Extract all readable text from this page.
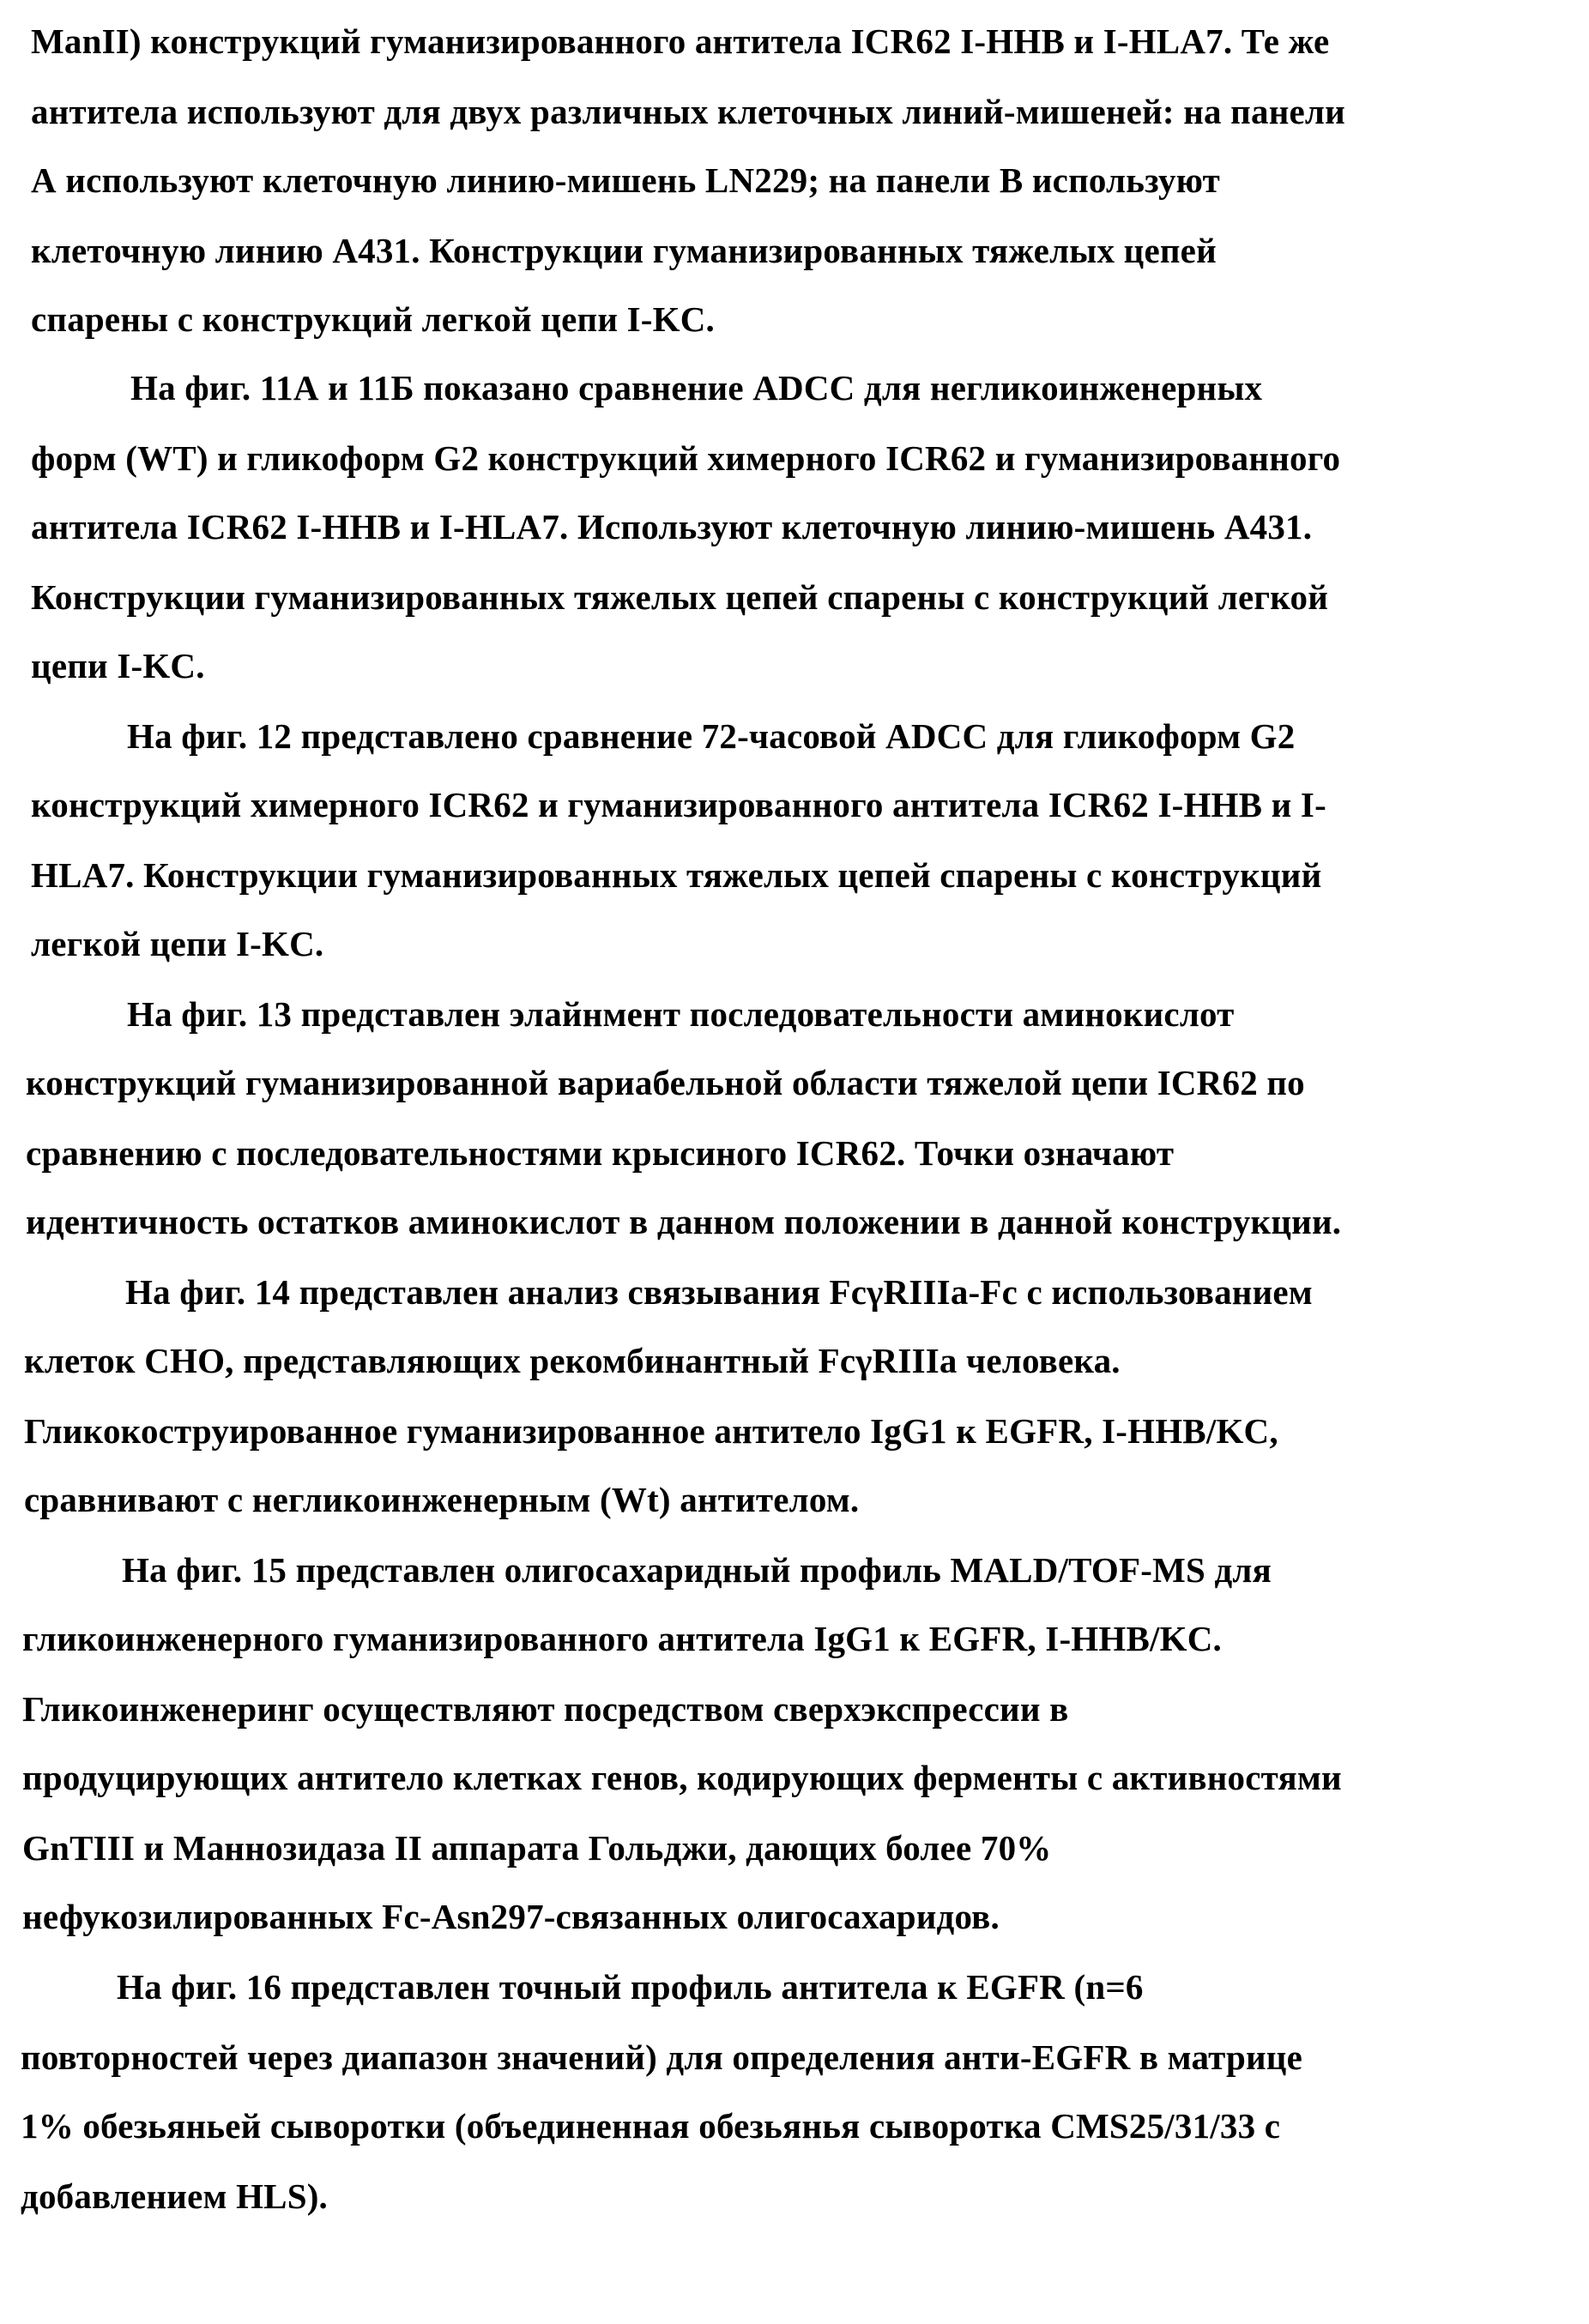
ManII) конструкций гуманизированного антитела ICR62 I-HHB и I-HLA7. Те же
антитела используют для двух различных клеточных линий-мишеней: на панели
А используют клеточную линию-мишень LN229; на панели В используют
клеточную линию А431. Конструкции гуманизированных тяжелых цепей
спарены с конструкций легкой цепи I-KC.
На фиг. 11А и 11Б показано сравнение ADCC для негликоинженерных
форм (WT) и гликоформ G2 конструкций химерного ICR62 и гуманизированного
антитела ICR62 I-HHB и I-HLA7. Используют клеточную линию-мишень А431.
Конструкции гуманизированных тяжелых цепей спарены с конструкций легкой
цепи I-KC.
На фиг. 12 представлено сравнение 72-часовой ADCC для гликоформ G2
конструкций химерного ICR62 и гуманизированного антитела ICR62 I-HHB и I-
HLA7. Конструкции гуманизированных тяжелых цепей спарены с конструкций
легкой цепи I-KC.
На фиг. 13 представлен элайнмент последовательности аминокислот
конструкций гуманизированной вариабельной области тяжелой цепи ICR62 по
сравнению с последовательностями крысиного ICR62. Точки означают
идентичность остатков аминокислот в данном положении в данной конструкции.
На фиг. 14 представлен анализ связывания FcγRIIIa-Fc с использованием
клеток CHO, представляющих рекомбинантный FcγRIIIa человека.
Гликокоструированное гуманизированное антитело IgG1 к EGFR, I-HHB/KC,
сравнивают с негликоинженерным (Wt) антителом.
На фиг. 15 представлен олигосахаридный профиль MALD/TOF-MS для
гликоинженерного гуманизированного антитела IgG1 к EGFR, I-HHB/KC.
Гликоинженеринг осуществляют посредством сверхэкспрессии в
продуцирующих антитело клетках генов, кодирующих ферменты с активностями
GnTIII и Маннозидаза II аппарата Гольджи, дающих более 70%
нефукозилированных Fc-Asn297-связанных олигосахаридов.
На фиг. 16 представлен точный профиль антитела к EGFR (n=6
повторностей через диапазон значений) для определения анти-EGFR в матрице
1% обезьяньей сыворотки (объединенная обезьянья сыворотка CMS25/31/33 с
добавлением HLS).
